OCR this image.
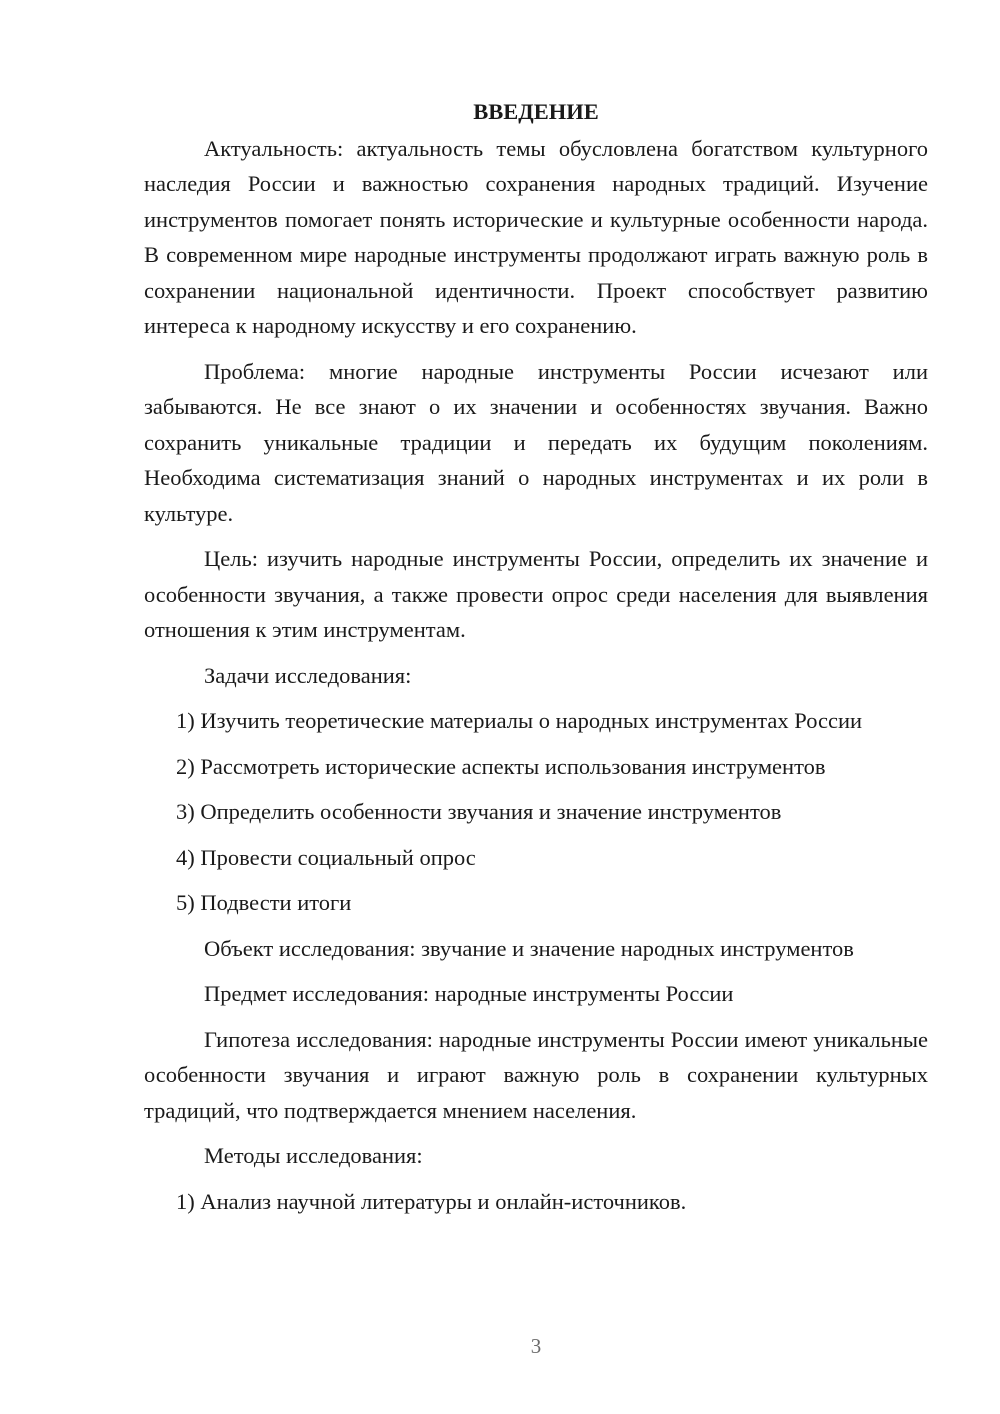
ВВЕДЕНИЕ

Актуальность: актуальность темы обусловлена богатством культурного наследия России и важностью сохранения народных традиций. Изучение инструментов помогает понять исторические и культурные особенности народа. В современном мире народные инструменты продолжают играть важную роль в сохранении национальной идентичности. Проект способствует развитию интереса к народному искусству и его сохранению.

Проблема: многие народные инструменты России исчезают или забываются. Не все знают о их значении и особенностях звучания. Важно сохранить уникальные традиции и передать их будущим поколениям. Необходима систематизация знаний о народных инструментах и их роли в культуре.

Цель: изучить народные инструменты России, определить их значение и особенности звучания, а также провести опрос среди населения для выявления отношения к этим инструментам.

Задачи исследования:

1) Изучить теоретические материалы о народных инструментах России

2) Рассмотреть исторические аспекты использования инструментов

3) Определить особенности звучания и значение инструментов

4) Провести социальный опрос

5) Подвести итоги

Объект исследования: звучание и значение народных инструментов

Предмет исследования: народные инструменты России

Гипотеза исследования: народные инструменты России имеют уникальные особенности звучания и играют важную роль в сохранении культурных традиций, что подтверждается мнением населения.

Методы исследования:

1) Анализ научной литературы и онлайн-источников.

3
